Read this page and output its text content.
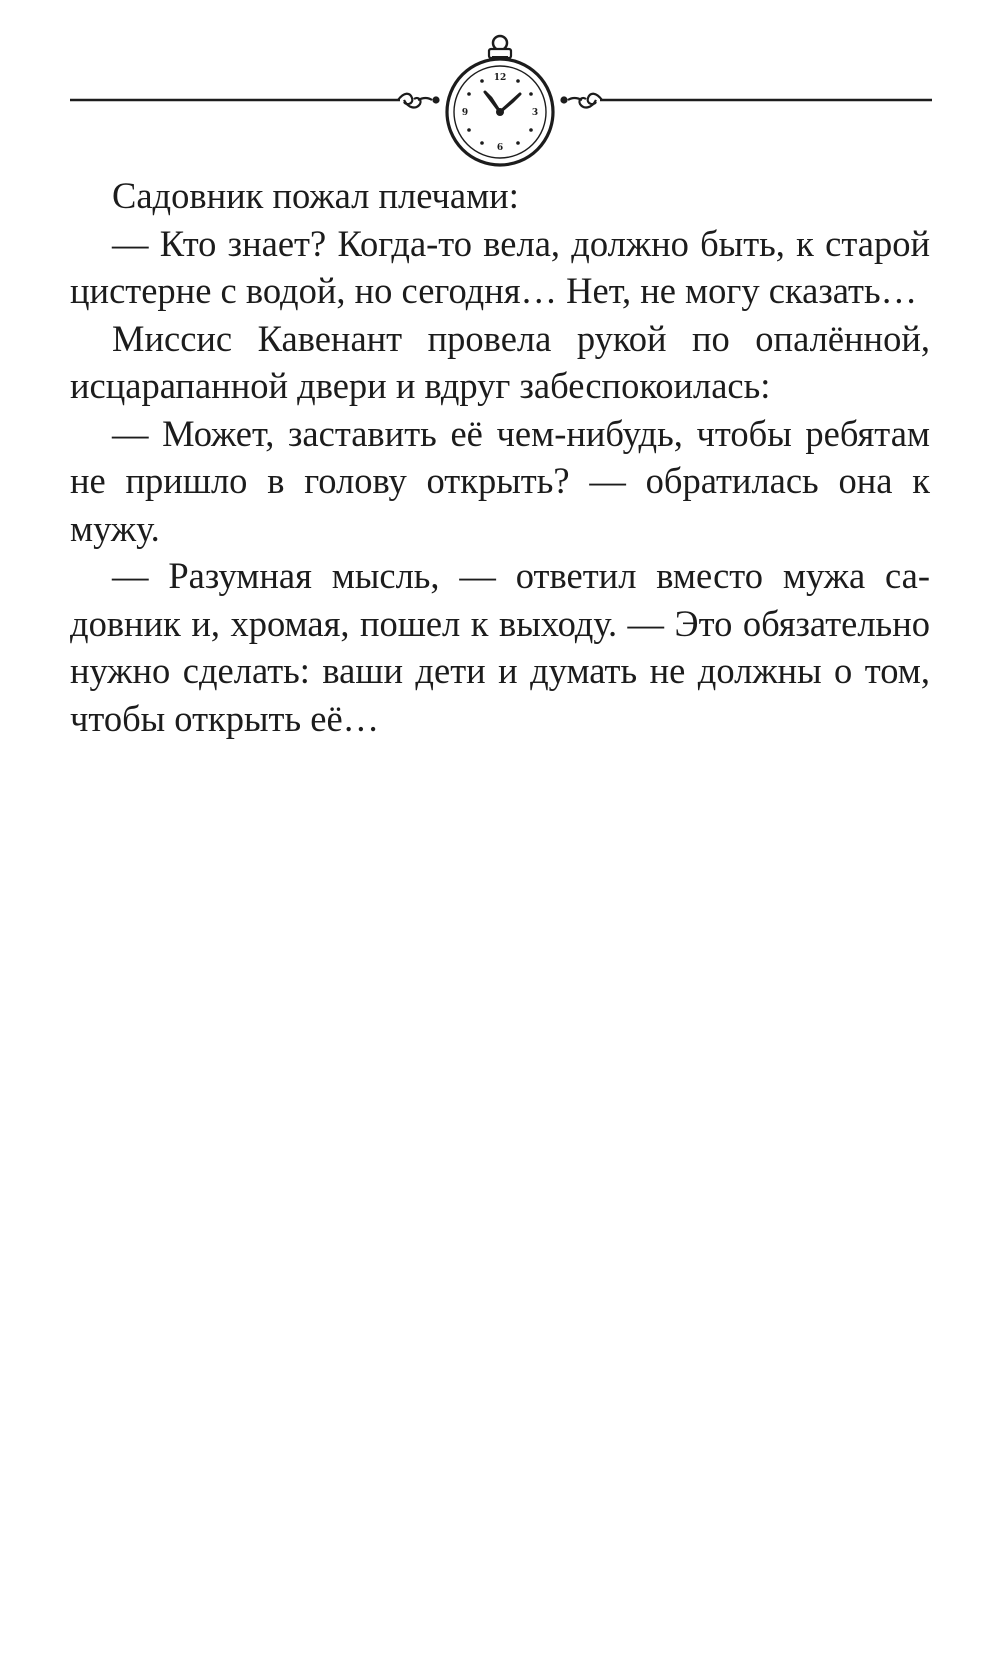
12
3
6
9

Садовник пожал плечами:

— Кто знает? Когда-то вела, должно быть, к старой цистерне с водой, но сегодня… Нет, не могу сказать…

Миссис Кавенант провела рукой по опалённой, исцарапанной двери и вдруг забеспокоилась:

— Может, заставить её чем-нибудь, чтобы ребятам не пришло в голову открыть? — обратилась она к мужу.

— Разумная мысль, — ответил вместо мужа садовник и, хромая, пошел к выходу. — Это обязательно нужно сделать: ваши дети и думать не должны о том, чтобы открыть её…
